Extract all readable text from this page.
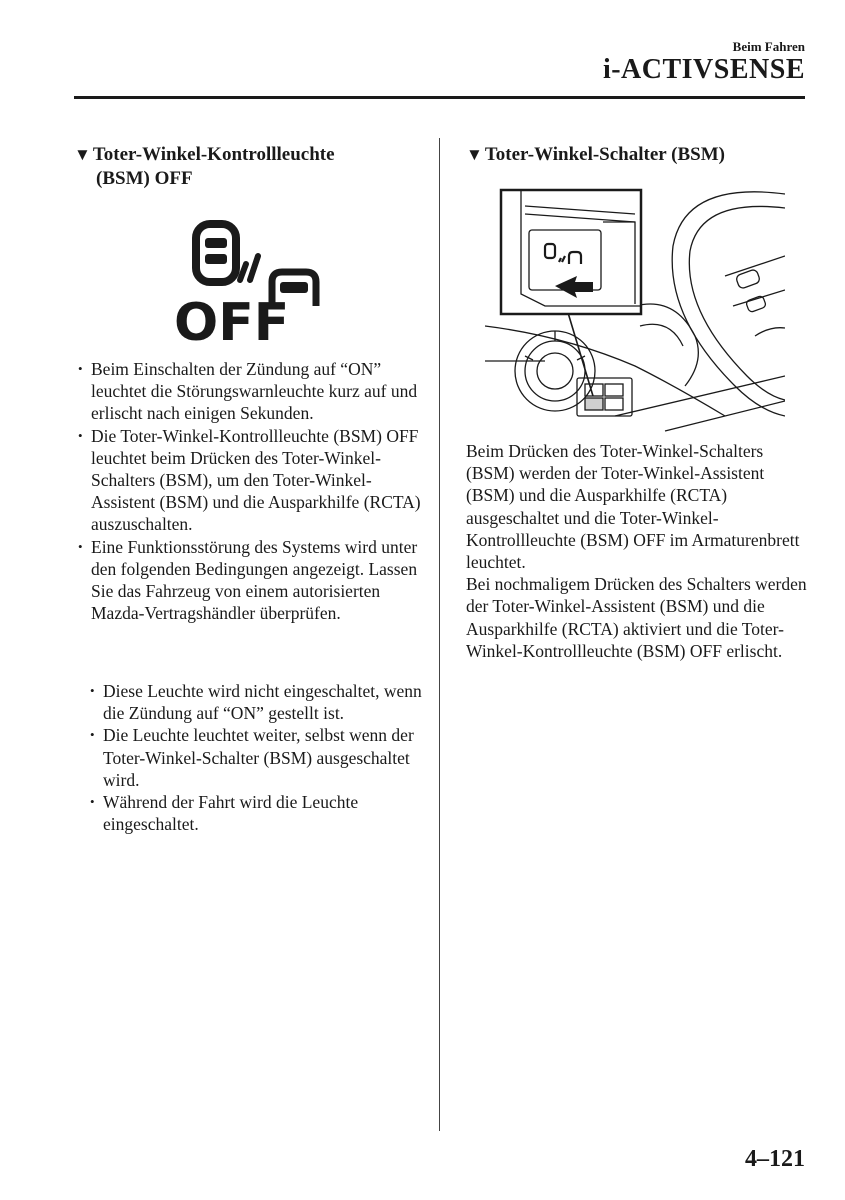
Beim Fahren
i-ACTIVSENSE
▼ Toter-Winkel-Kontrollleuchte
(BSM) OFF
OFF
• Beim Einschalten der Zündung auf “ON” leuchtet die Störungswarnleuchte kurz auf und erlischt nach einigen Sekunden.
• Die Toter-Winkel-Kontrollleuchte (BSM) OFF leuchtet beim Drücken des Toter-Winkel-Schalters (BSM), um den Toter-Winkel-Assistent (BSM) und die Ausparkhilfe (RCTA) auszuschalten.
• Eine Funktionsstörung des Systems wird unter den folgenden Bedingungen angezeigt. Lassen Sie das Fahrzeug von einem autorisierten Mazda-Vertragshändler überprüfen.
• Diese Leuchte wird nicht eingeschaltet, wenn die Zündung auf “ON” gestellt ist.
• Die Leuchte leuchtet weiter, selbst wenn der Toter-Winkel-Schalter (BSM) ausgeschaltet wird.
• Während der Fahrt wird die Leuchte eingeschaltet.
▼ Toter-Winkel-Schalter (BSM)
Beim Drücken des Toter-Winkel-Schalters (BSM) werden der Toter-Winkel-Assistent (BSM) und die Ausparkhilfe (RCTA) ausgeschaltet und die Toter-Winkel-Kontrollleuchte (BSM) OFF im Armaturenbrett leuchtet.
Bei nochmaligem Drücken des Schalters werden der Toter-Winkel-Assistent (BSM) und die Ausparkhilfe (RCTA) aktiviert und die Toter-Winkel-Kontrollleuchte (BSM) OFF erlischt.
4–121
